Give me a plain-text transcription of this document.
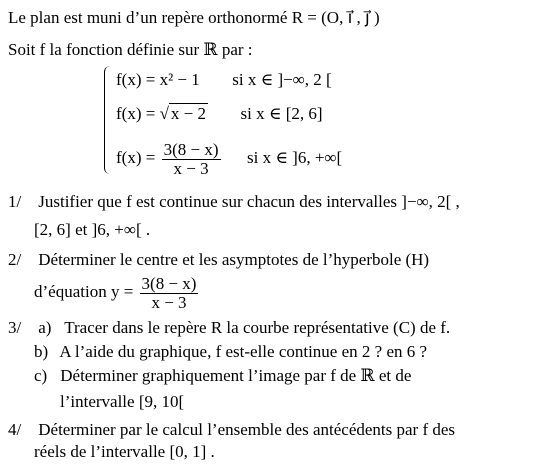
Le plan est muni d’un repère orthonormé R = (O, i⃗ , j⃗ )
Soit f la fonction définie sur ℝ par :
f(x) = x² − 1 si x ∈ ]−∞, 2 [
f(x) = √ x − 2 si x ∈ [2, 6]
$f(x) = \frac{3(8 - x)}{x - 3}$ si x ∈ ]6, +∞[
1/ Justifier que f est continue sur chacun des intervalles ]−∞, 2[ ,
[2, 6] et ]6, +∞[ .
2/ Déterminer le centre et les asymptotes de l’hyperbole (H)
d’équation $y = \frac{3(8 - x)}{x - 3}$
3/ a) Tracer dans le repère R la courbe représentative (C) de f.
b) A l’aide du graphique, f est-elle continue en 2 ? en 6 ?
c) Déterminer graphiquement l’image par f de ℝ et de
l’intervalle [9, 10[
4/ Déterminer par le calcul l’ensemble des antécédents par f des
réels de l’intervalle [0, 1] .
